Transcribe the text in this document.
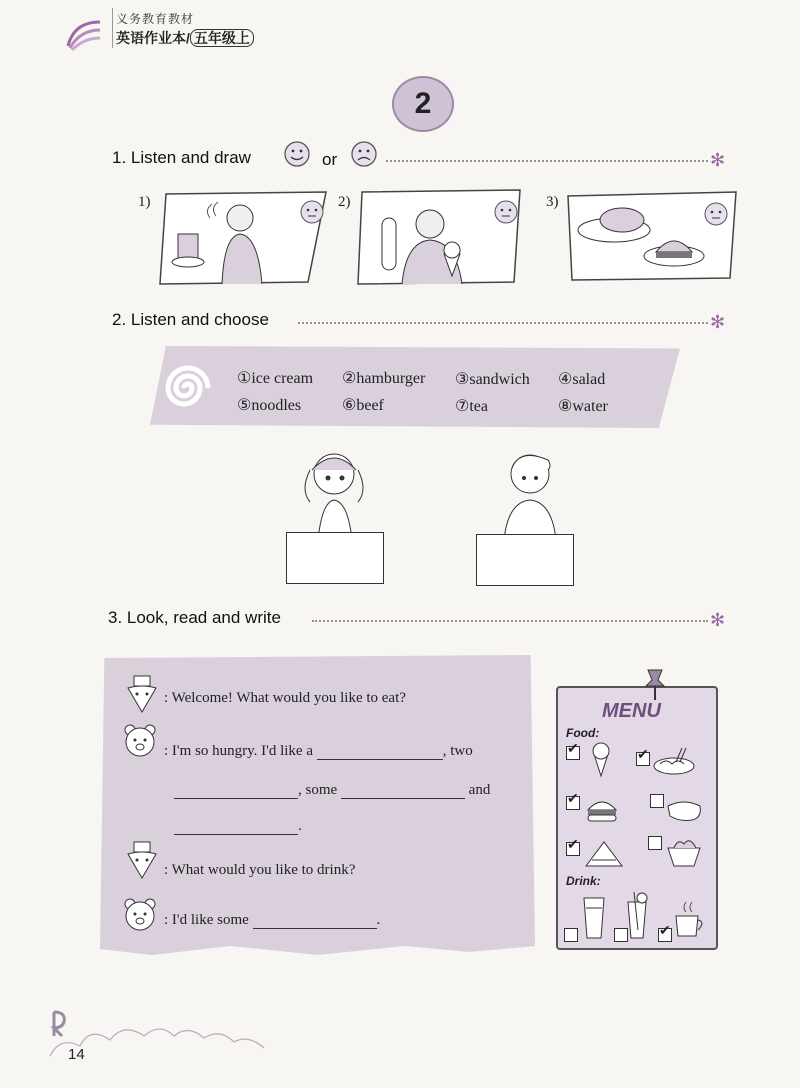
义务教育教材
英语作业本/ 五年级上
2
1. Listen and draw	or	✻
1)	2)	3)
2. Listen and choose	✻
①ice cream ②hamburger ③sandwich ④salad
⑤noodles	⑥beef	⑦tea	⑧water
3. Look, read and write	✻
: Welcome! What would you like to eat?
: I'm so hungry. I'd like a	, two
, some	and
.
: What would you like to drink?
: I'd like some	.
MENU
Food:
✔	✔
✔
✔
Drink:
✔
14
